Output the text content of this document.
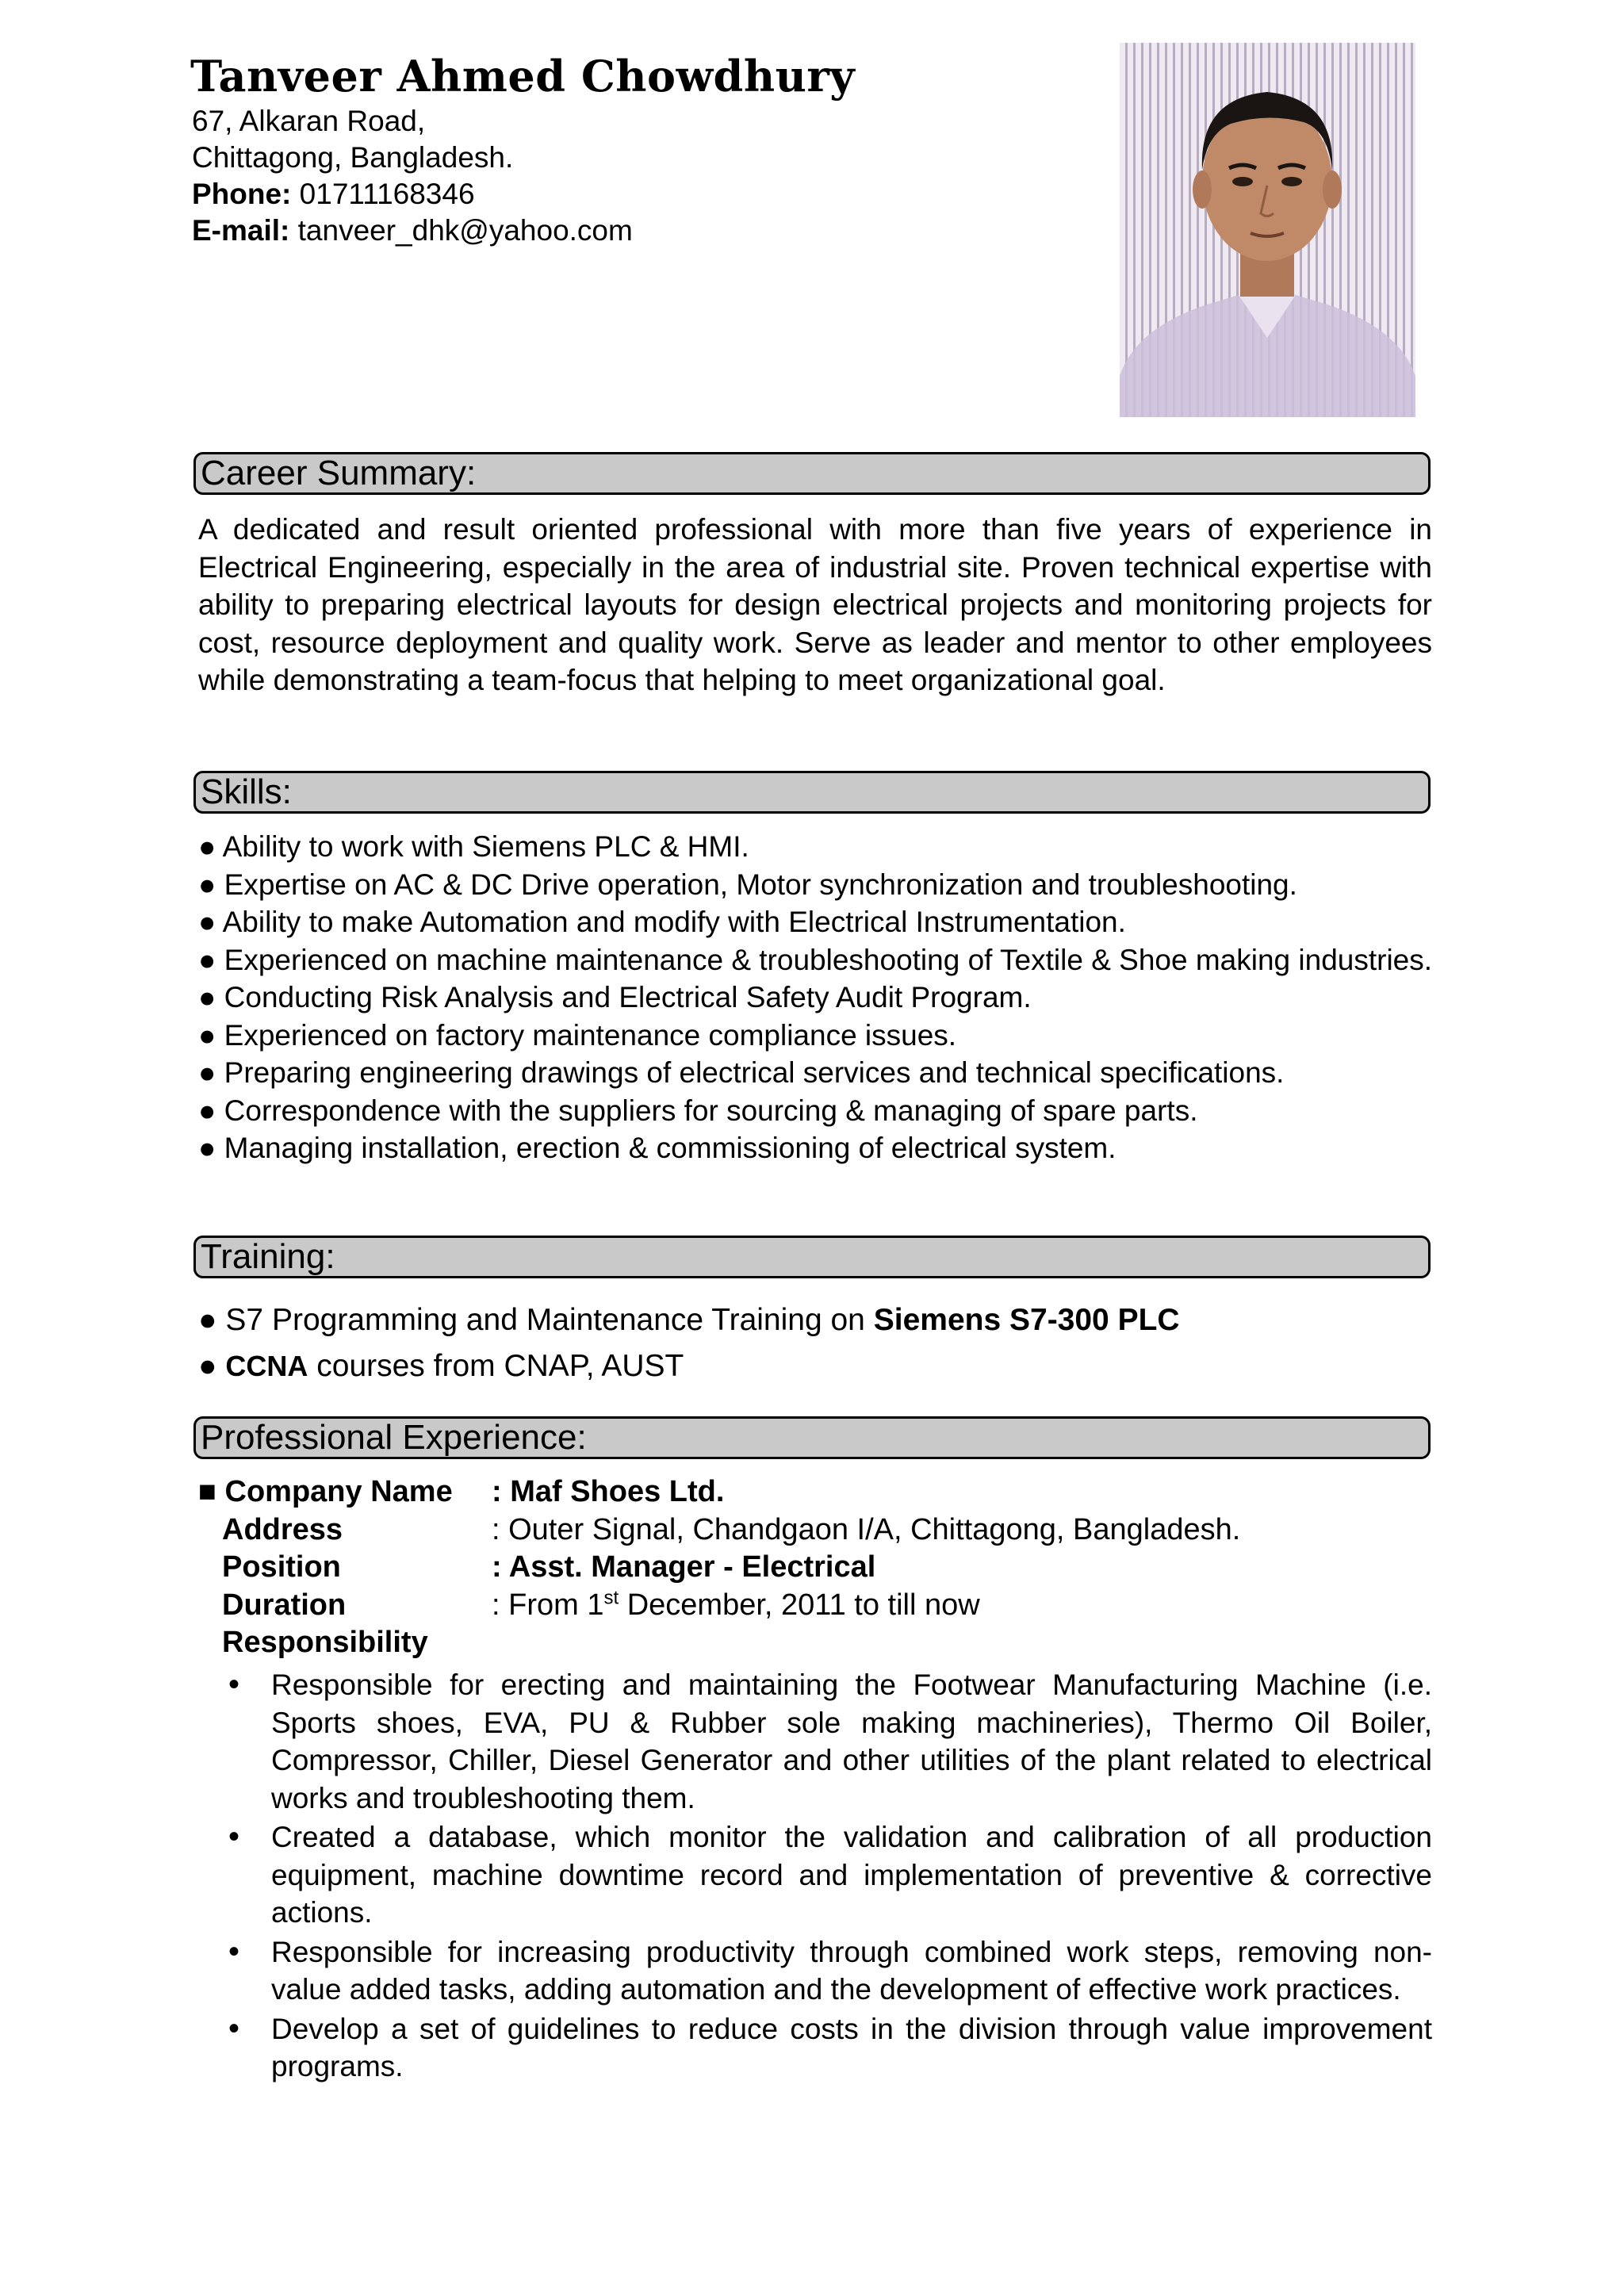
Tanveer Ahmed Chowdhury
67, Alkaran Road,
Chittagong, Bangladesh.
Phone: 01711168346
E-mail: tanveer_dhk@yahoo.com
Career Summary:
A dedicated and result oriented professional with more than five years of experience in Electrical Engineering, especially in the area of industrial site. Proven technical expertise with ability to preparing electrical layouts for design electrical projects and monitoring projects for cost, resource deployment and quality work. Serve as leader and mentor to other employees while demonstrating a team-focus that helping to meet organizational goal.
Skills:
● Ability to work with Siemens PLC & HMI.
● Expertise on AC & DC Drive operation, Motor synchronization and troubleshooting.
● Ability to make Automation and modify with Electrical Instrumentation.
● Experienced on machine maintenance & troubleshooting of Textile & Shoe making industries.
● Conducting Risk Analysis and Electrical Safety Audit Program.
● Experienced on factory maintenance compliance issues.
● Preparing engineering drawings of electrical services and technical specifications.
● Correspondence with the suppliers for sourcing & managing of spare parts.
● Managing installation, erection & commissioning of electrical system.
Training:
● S7 Programming and Maintenance Training on Siemens S7-300 PLC
● CCNA courses from CNAP, AUST
Professional Experience:
■ Company Name : Maf Shoes Ltd.
Address	: Outer Signal, Chandgaon I/A, Chittagong, Bangladesh.
Position	: Asst. Manager - Electrical
Duration	: From 1st December, 2011 to till now
Responsibility
• Responsible for erecting and maintaining the Footwear Manufacturing Machine (i.e. Sports shoes, EVA, PU & Rubber sole making machineries), Thermo Oil Boiler, Compressor, Chiller, Diesel Generator and other utilities of the plant related to electrical works and troubleshooting them.
• Created a database, which monitor the validation and calibration of all production equipment, machine downtime record and implementation of preventive & corrective actions.
• Responsible for increasing productivity through combined work steps, removing non-value added tasks, adding automation and the development of effective work practices.
• Develop a set of guidelines to reduce costs in the division through value improvement programs.
